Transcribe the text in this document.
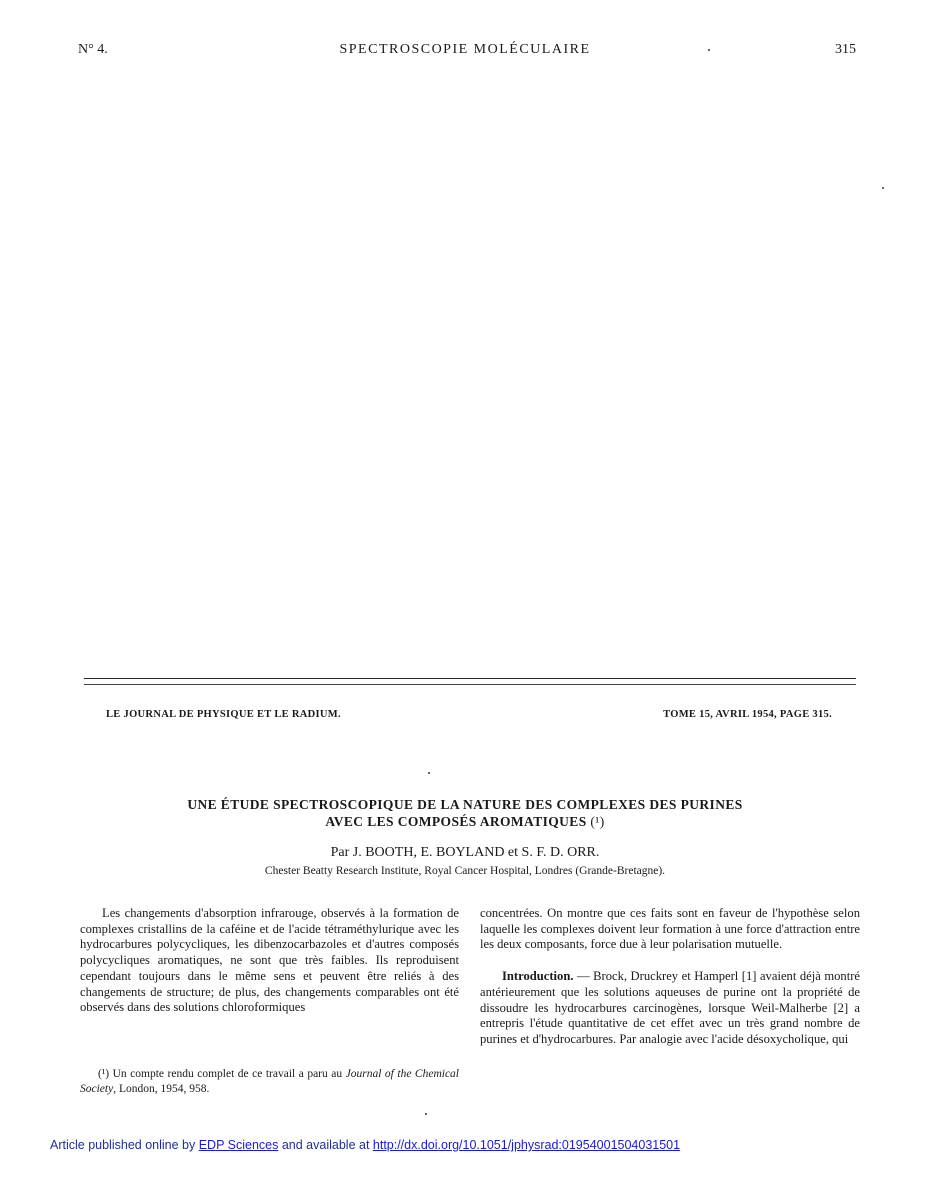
N° 4.	SPECTROSCOPIE MOLÉCULAIRE	315
LE JOURNAL DE PHYSIQUE ET LE RADIUM.	TOME 15, AVRIL 1954, PAGE 315.
UNE ÉTUDE SPECTROSCOPIQUE DE LA NATURE DES COMPLEXES DES PURINES
AVEC LES COMPOSÉS AROMATIQUES (¹)
Par J. BOOTH, E. BOYLAND et S. F. D. ORR.
Chester Beatty Research Institute, Royal Cancer Hospital, Londres (Grande-Bretagne).

Les changements d'absorption infrarouge, observés à la formation de complexes cristallins de la caféine et de l'acide tétraméthylurique avec les hydrocarbures polycycliques, les dibenzocarbazoles et d'autres composés polycycliques aromatiques, ne sont que très faibles. Ils reproduisent cependant toujours dans le même sens et peuvent être reliés à des changements de structure; de plus, des changements comparables ont été observés dans des solutions chloroformiques

concentrées. On montre que ces faits sont en faveur de l'hypothèse selon laquelle les complexes doivent leur formation à une force d'attraction entre les deux composants, force due à leur polarisation mutuelle.

Introduction. — Brock, Druckrey et Hamperl [1] avaient déjà montré antérieurement que les solutions aqueuses de purine ont la propriété de dissoudre les hydrocarbures carcinogènes, lorsque Weil-Malherbe [2] a entrepris l'étude quantitative de cet effet avec un très grand nombre de purines et d'hydrocarbures. Par analogie avec l'acide désoxycholique, qui

(¹) Un compte rendu complet de ce travail a paru au Journal of the Chemical Society, London, 1954, 958.
Article published online by EDP Sciences and available at http://dx.doi.org/10.1051/jphysrad:01954001504031501
